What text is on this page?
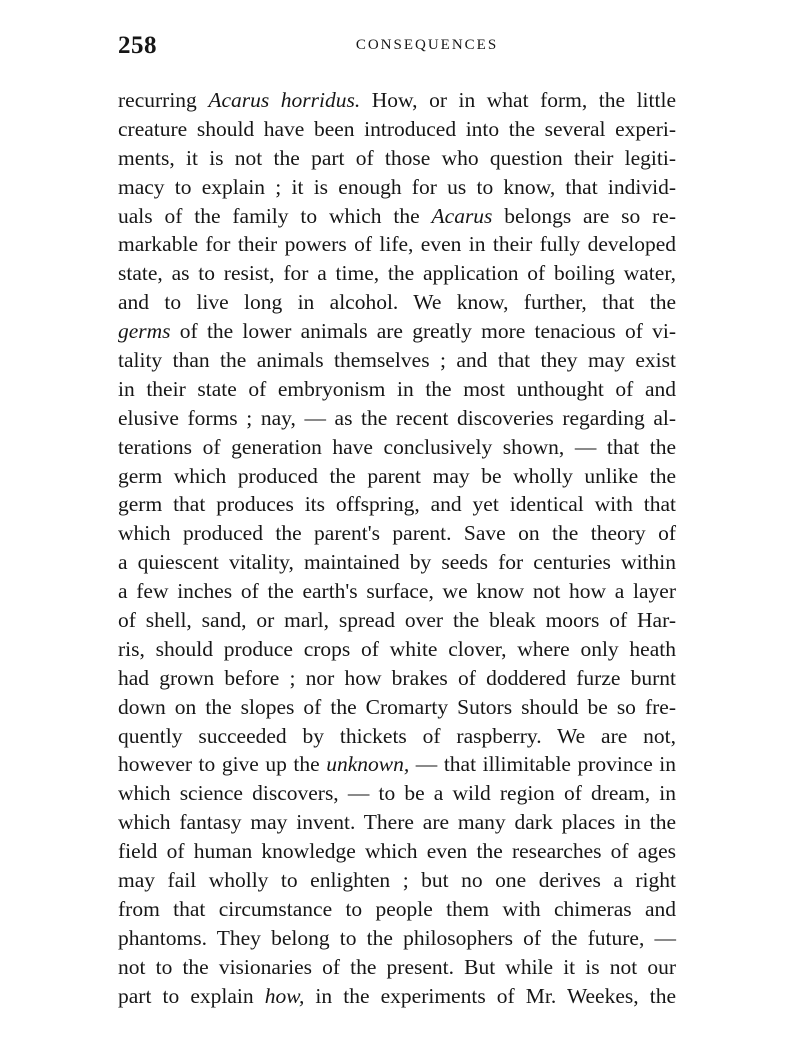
258	CONSEQUENCES
recurring Acarus horridus. How, or in what form, the little
creature should have been introduced into the several experi-
ments, it is not the part of those who question their legiti-
macy to explain ; it is enough for us to know, that individ-
uals of the family to which the Acarus belongs are so re-
markable for their powers of life, even in their fully developed
state, as to resist, for a time, the application of boiling water,
and to live long in alcohol. We know, further, that the
germs of the lower animals are greatly more tenacious of vi-
tality than the animals themselves ; and that they may exist
in their state of embryonism in the most unthought of and
elusive forms ; nay, — as the recent discoveries regarding al-
terations of generation have conclusively shown, — that the
germ which produced the parent may be wholly unlike the
germ that produces its offspring, and yet identical with that
which produced the parent's parent. Save on the theory of
a quiescent vitality, maintained by seeds for centuries within
a few inches of the earth's surface, we know not how a layer
of shell, sand, or marl, spread over the bleak moors of Har-
ris, should produce crops of white clover, where only heath
had grown before ; nor how brakes of doddered furze burnt
down on the slopes of the Cromarty Sutors should be so fre-
quently succeeded by thickets of raspberry. We are not,
however to give up the unknown, — that illimitable province in
which science discovers, — to be a wild region of dream, in
which fantasy may invent. There are many dark places in the
field of human knowledge which even the researches of ages
may fail wholly to enlighten ; but no one derives a right
from that circumstance to people them with chimeras and
phantoms. They belong to the philosophers of the future, —
not to the visionaries of the present. But while it is not our
part to explain how, in the experiments of Mr. Weekes, the
